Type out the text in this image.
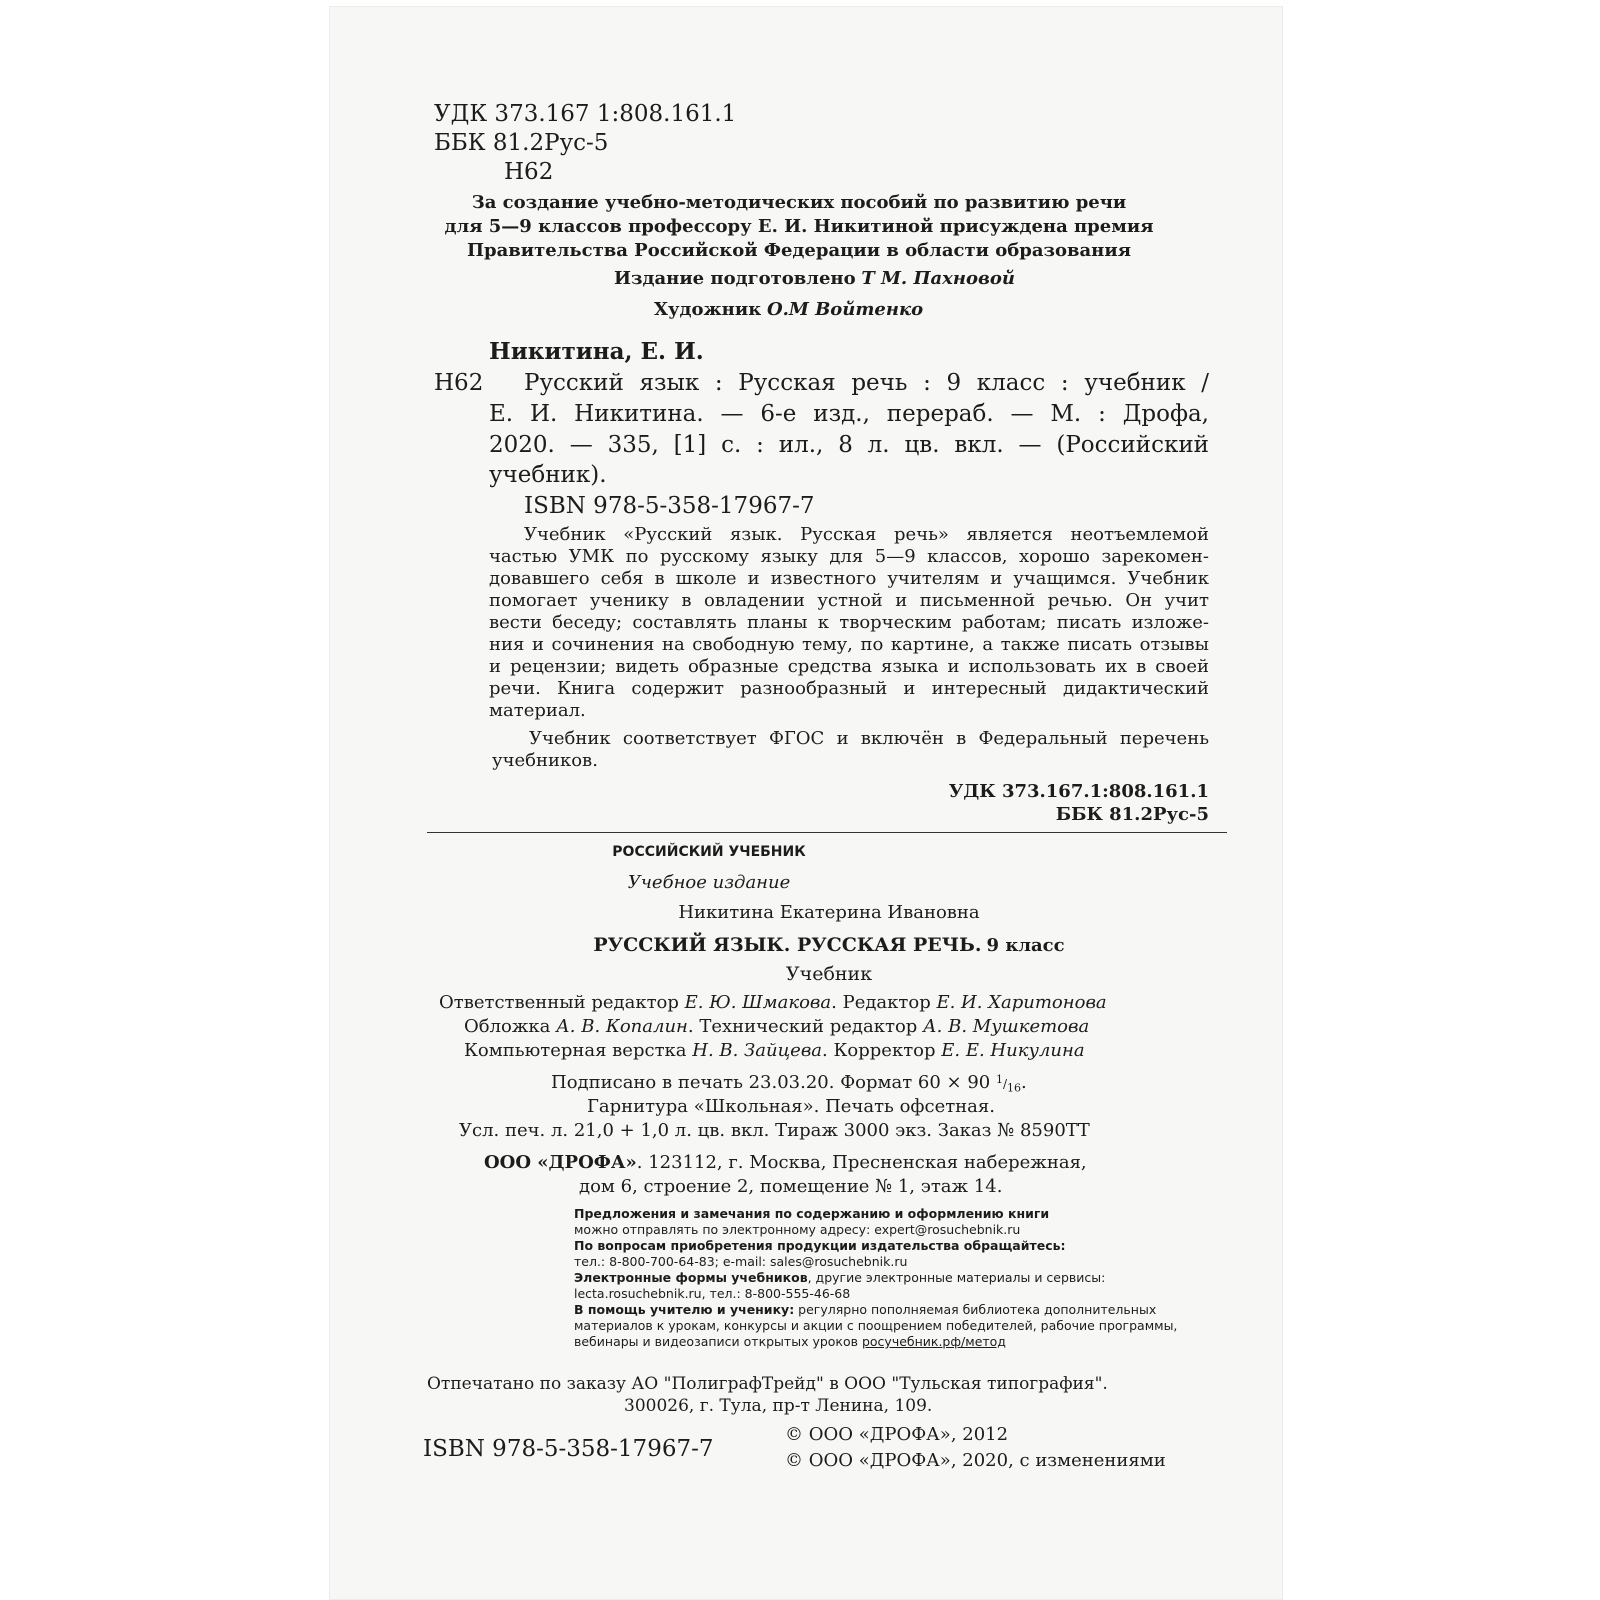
УДК 373.167 1:808.161.1
ББК 81.2Рус-5
Н62
За создание учебно-методических пособий по развитию речи
для 5—9 классов профессору Е. И. Никитиной присуждена премия
Правительства Российской Федерации в области образования
Издание подготовлено Т М. Пахновой
Художник О.М Войтенко
Никитина, Е. И.
Н62 Русский язык : Русская речь : 9 класс : учебник /
Е. И. Никитина. — 6-е изд., перераб. — М. : Дрофа,
2020. — 335, [1] с. : ил., 8 л. цв. вкл. — (Российский
учебник).
ISBN 978-5-358-17967-7
Учебник «Русский язык. Русская речь» является неотъемлемой
частью УМК по русскому языку для 5—9 классов, хорошо зарекомен-
довавшего себя в школе и известного учителям и учащимся. Учебник
помогает ученику в овладении устной и письменной речью. Он учит
вести беседу; составлять планы к творческим работам; писать изложе-
ния и сочинения на свободную тему, по картине, а также писать отзывы
и рецензии; видеть образные средства языка и использовать их в своей
речи. Книга содержит разнообразный и интересный дидактический
материал.
Учебник соответствует ФГОС и включён в Федеральный перечень
учебников.
УДК 373.167.1:808.161.1
ББК 81.2Рус-5
РОССИЙСКИЙ УЧЕБНИК
Учебное издание
Никитина Екатерина Ивановна
РУССКИЙ ЯЗЫК. РУССКАЯ РЕЧЬ. 9 класс
Учебник
Ответственный редактор Е. Ю. Шмакова. Редактор Е. И. Харитонова
Обложка А. В. Копалин. Технический редактор А. В. Мушкетова
Компьютерная верстка Н. В. Зайцева. Корректор Е. Е. Никулина
Подписано в печать 23.03.20. Формат 60 × 90 $^1/_{16}$.
Гарнитура «Школьная». Печать офсетная.
Усл. печ. л. 21,0 + 1,0 л. цв. вкл. Тираж 3000 экз. Заказ № 8590ТТ
ООО «ДРОФА». 123112, г. Москва, Пресненская набережная,
дом 6, строение 2, помещение № 1, этаж 14.
Предложения и замечания по содержанию и оформлению книги
можно отправлять по электронному адресу: expert@rosuchebnik.ru
По вопросам приобретения продукции издательства обращайтесь:
тел.: 8-800-700-64-83; e-mail: sales@rosuchebnik.ru
Электронные формы учебников, другие электронные материалы и сервисы:
lecta.rosuchebnik.ru, тел.: 8-800-555-46-68
В помощь учителю и ученику: регулярно пополняемая библиотека дополнительных
материалов к урокам, конкурсы и акции с поощрением победителей, рабочие программы,
вебинары и видеозаписи открытых уроков росучебник.рф/метод
Отпечатано по заказу АО "ПолиграфТрейд" в ООО "Тульская типография".
300026, г. Тула, пр-т Ленина, 109.
ISBN 978-5-358-17967-7
© ООО «ДРОФА», 2012
© ООО «ДРОФА», 2020, с изменениями
